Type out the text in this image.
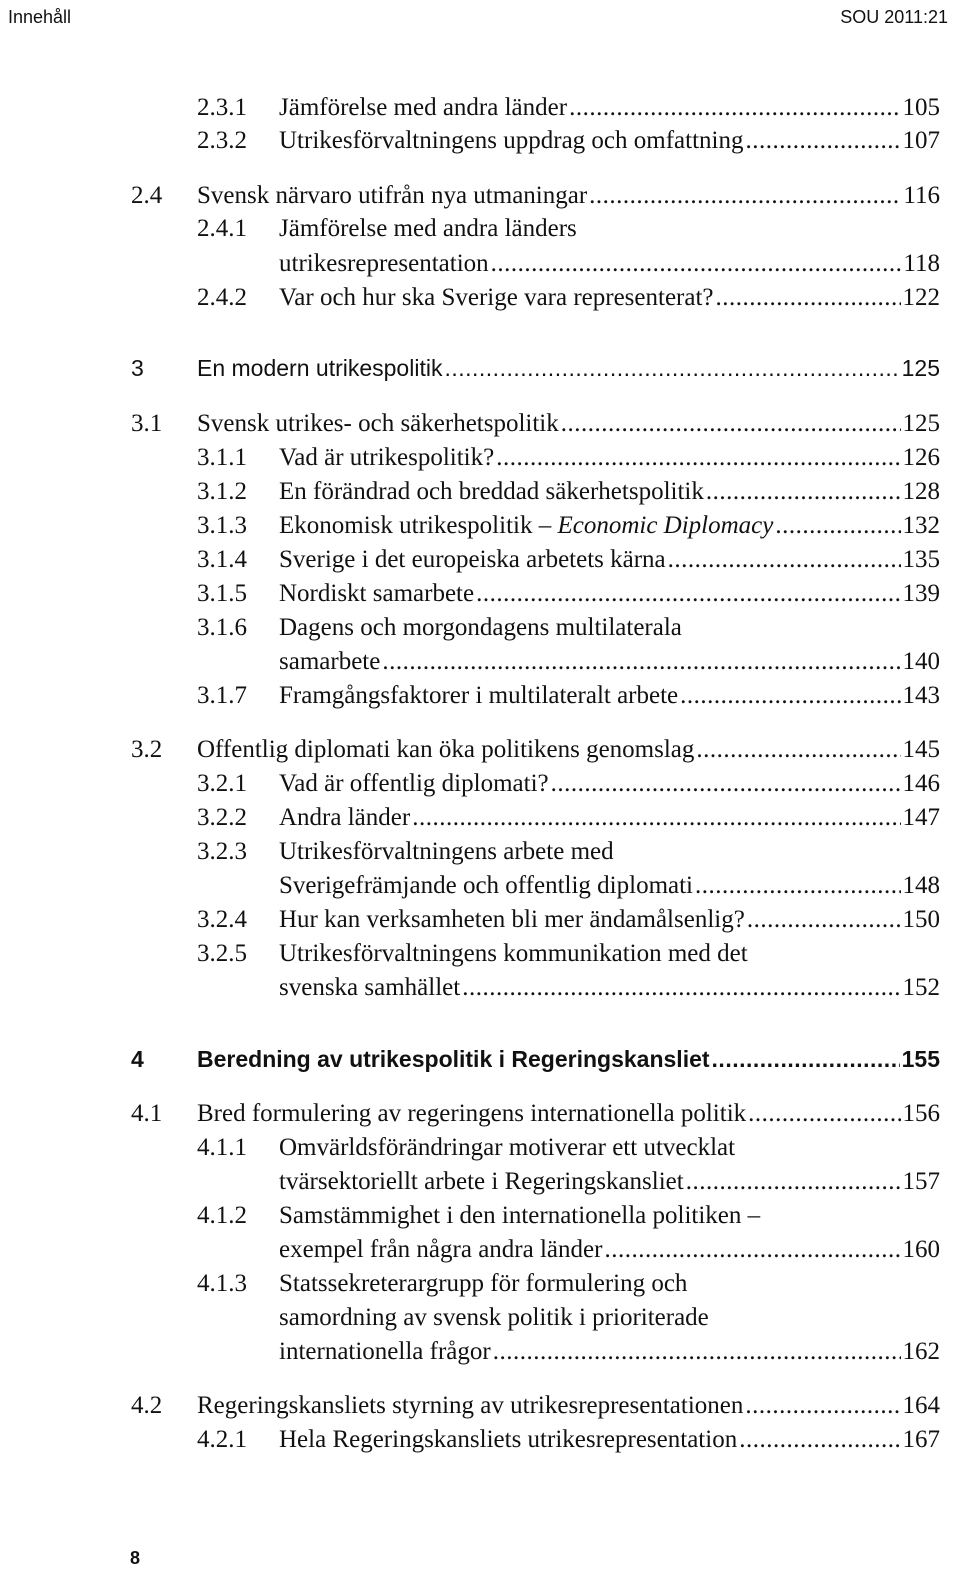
Innehåll	SOU 2011:21
2.3.1 Jämförelse med andra länder .....	105
2.3.2 Utrikesförvaltningens uppdrag och omfattning .....	107
2.4 Svensk närvaro utifrån nya utmaningar .....	116
2.4.1 Jämförelse med andra länders
utrikesrepresentation .....	118
2.4.2 Var och hur ska Sverige vara representerat? .....	122
3 En modern utrikespolitik .....	125
3.1 Svensk utrikes- och säkerhetspolitik .....	125
3.1.1 Vad är utrikespolitik? .....	126
3.1.2 En förändrad och breddad säkerhetspolitik .....	128
3.1.3 Ekonomisk utrikespolitik – Economic Diplomacy .....	132
3.1.4 Sverige i det europeiska arbetets kärna .....	135
3.1.5 Nordiskt samarbete .....	139
3.1.6 Dagens och morgondagens multilaterala
samarbete .....	140
3.1.7 Framgångsfaktorer i multilateralt arbete .....	143
3.2 Offentlig diplomati kan öka politikens genomslag .....	145
3.2.1 Vad är offentlig diplomati? .....	146
3.2.2 Andra länder .....	147
3.2.3 Utrikesförvaltningens arbete med
Sverigefrämjande och offentlig diplomati .....	148
3.2.4 Hur kan verksamheten bli mer ändamålsenlig? .....	150
3.2.5 Utrikesförvaltningens kommunikation med det
svenska samhället .....	152
4 Beredning av utrikespolitik i Regeringskansliet .....	155
4.1 Bred formulering av regeringens internationella politik .....	156
4.1.1 Omvärldsförändringar motiverar ett utvecklat
tvärsektoriellt arbete i Regeringskansliet .....	157
4.1.2 Samstämmighet i den internationella politiken –
exempel från några andra länder .....	160
4.1.3 Statssekreterargrupp för formulering och
samordning av svensk politik i prioriterade
internationella frågor .....	162
4.2 Regeringskansliets styrning av utrikesrepresentationen .....	164
4.2.1 Hela Regeringskansliets utrikesrepresentation .....	167
8
